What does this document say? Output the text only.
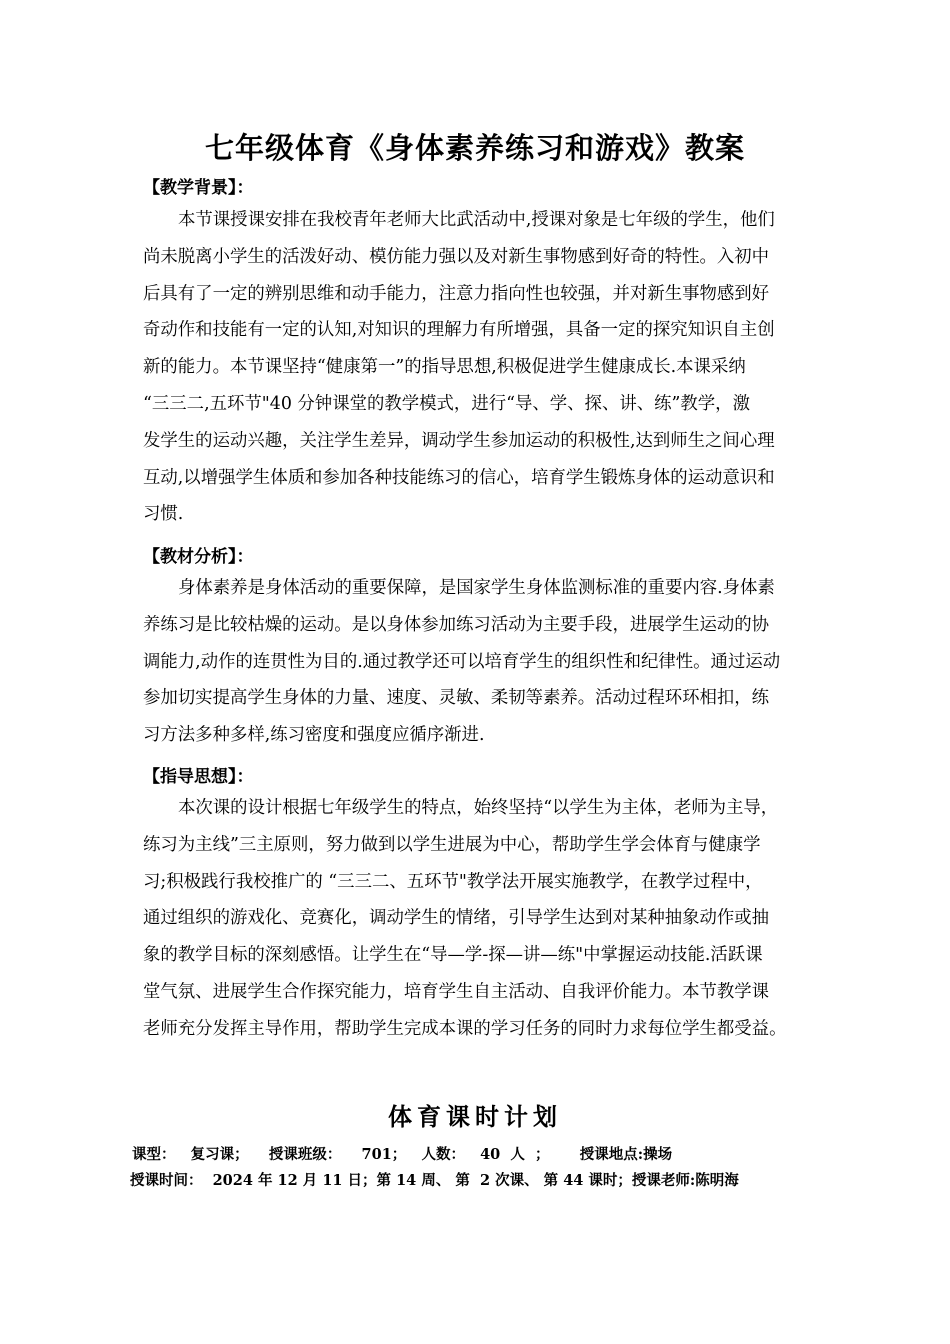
七年级体育《身体素养练习和游戏》教案
【教学背景】：
本节课授课安排在我校青年老师大比武活动中,授课对象是七年级的学生，他们
尚未脱离小学生的活泼好动、模仿能力强以及对新生事物感到好奇的特性。入初中
后具有了一定的辨别思维和动手能力，注意力指向性也较强，并对新生事物感到好
奇动作和技能有一定的认知,对知识的理解力有所增强，具备一定的探究知识自主创
新的能力。本节课坚持“健康第一”的指导思想,积极促进学生健康成长.本课采纳
“三三二,五环节"40 分钟课堂的教学模式，进行“导、学、探、讲、练”教学，激
发学生的运动兴趣，关注学生差异，调动学生参加运动的积极性,达到师生之间心理
互动,以增强学生体质和参加各种技能练习的信心，培育学生锻炼身体的运动意识和
习惯.
【教材分析】：
身体素养是身体活动的重要保障，是国家学生身体监测标准的重要内容.身体素
养练习是比较枯燥的运动。是以身体参加练习活动为主要手段，进展学生运动的协
调能力,动作的连贯性为目的.通过教学还可以培育学生的组织性和纪律性。通过运动
参加切实提高学生身体的力量、速度、灵敏、柔韧等素养。活动过程环环相扣，练
习方法多种多样,练习密度和强度应循序渐进.
【指导思想】：
本次课的设计根据七年级学生的特点，始终坚持“以学生为主体，老师为主导，
练习为主线”三主原则，努力做到以学生进展为中心，帮助学生学会体育与健康学
习;积极践行我校推广的 “三三二、五环节"教学法开展实施教学，在教学过程中，
通过组织的游戏化、竞赛化，调动学生的情绪，引导学生达到对某种抽象动作或抽
象的教学目标的深刻感悟。让学生在“导—学-探—讲—练"中掌握运动技能.活跃课
堂气氛、进展学生合作探究能力，培育学生自主活动、自我评价能力。本节教学课
老师充分发挥主导作用，帮助学生完成本课的学习任务的同时力求每位学生都受益。
体育课时计划
课型：   复习课；    授课班级：    701；   人数：   40  人  ；      授课地点:操场
授课时间：  2024 年 12 月 11 日；第 14 周、 第  2 次课、 第 44 课时；授课老师:陈明海
